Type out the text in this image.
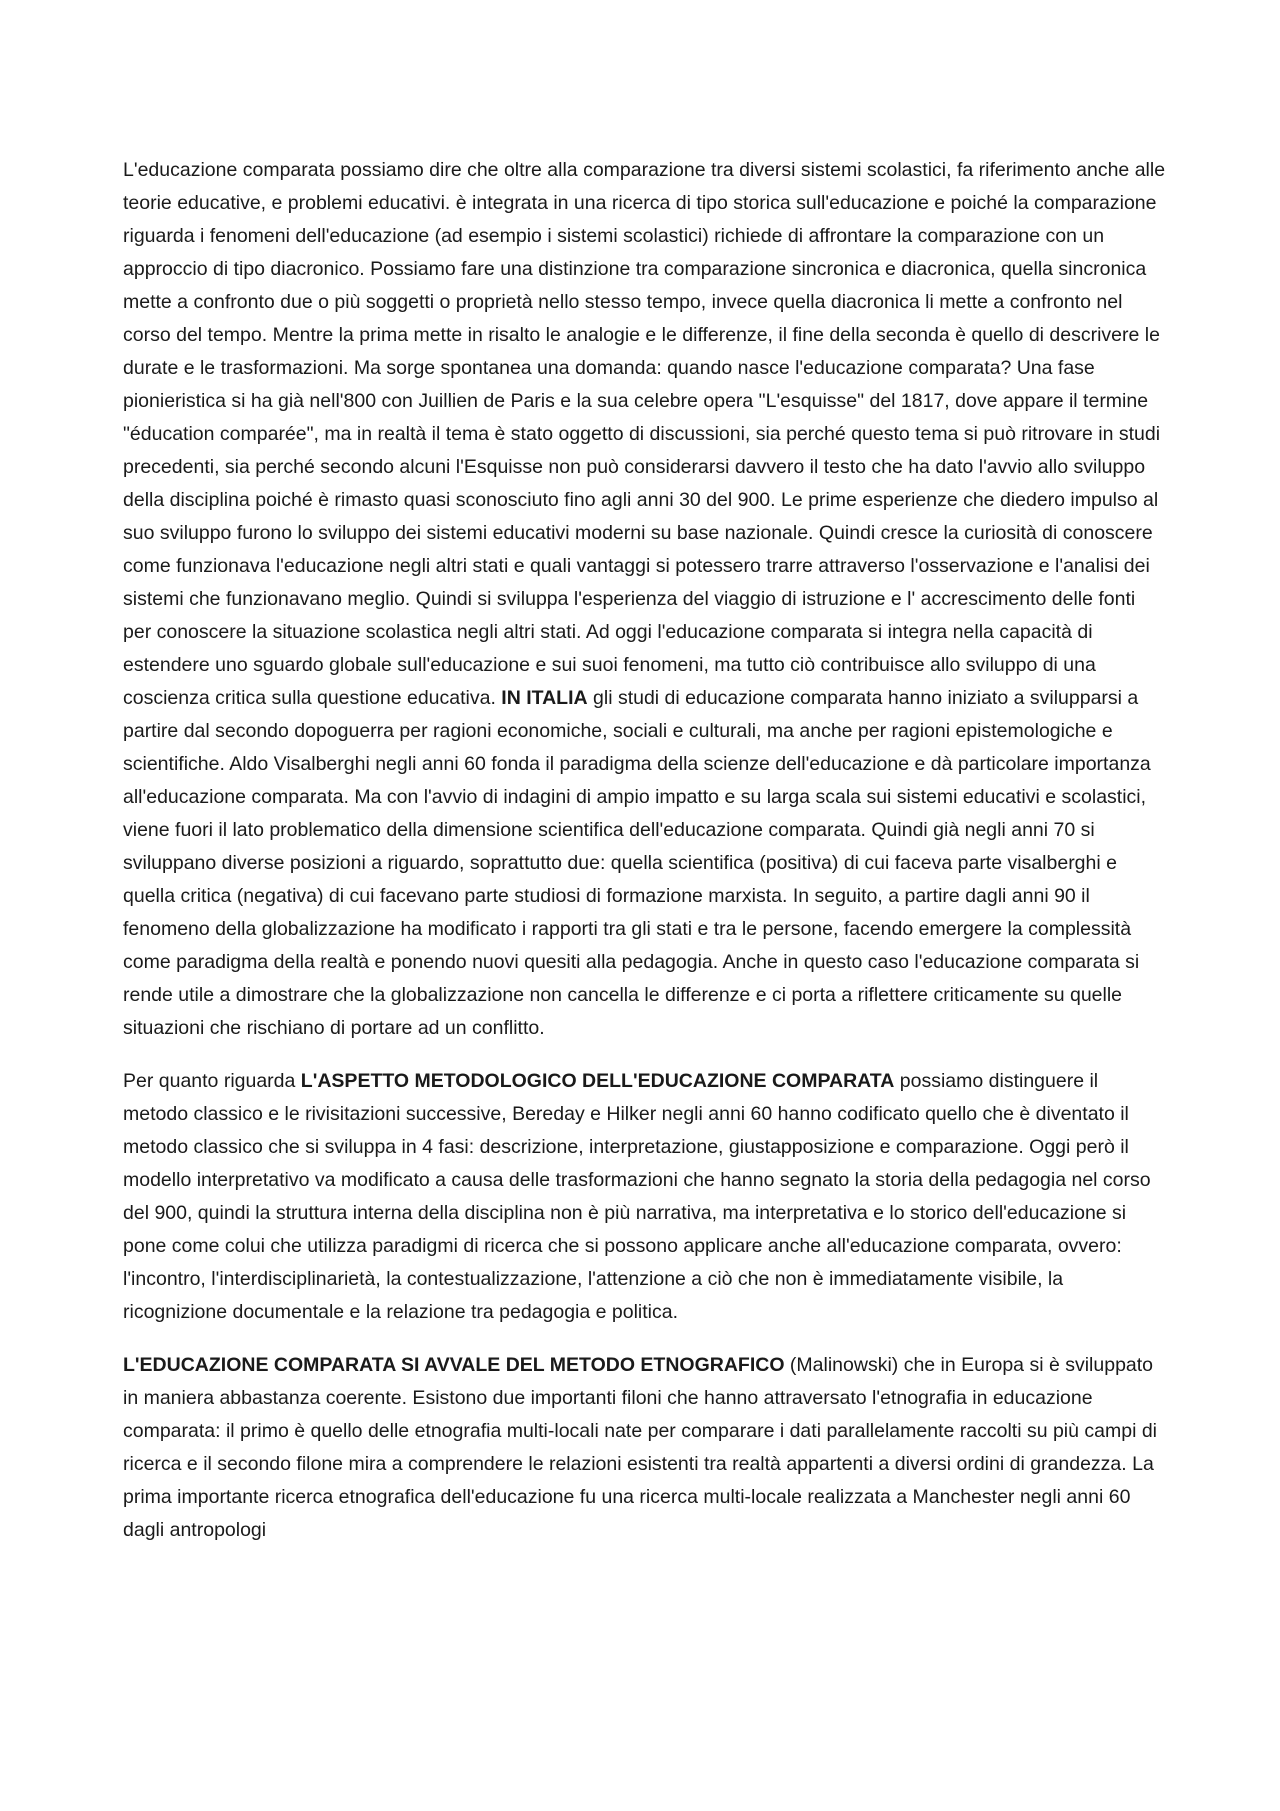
L'educazione comparata possiamo dire che oltre alla comparazione tra diversi sistemi scolastici, fa riferimento anche alle teorie educative, e problemi educativi. è integrata in una ricerca di tipo storica sull'educazione e poiché la comparazione riguarda i fenomeni dell'educazione (ad esempio i sistemi scolastici) richiede di affrontare la comparazione con un approccio di tipo diacronico. Possiamo fare una distinzione tra comparazione sincronica e diacronica, quella sincronica mette a confronto due o più soggetti o proprietà nello stesso tempo, invece quella diacronica li mette a confronto nel corso del tempo. Mentre la prima mette in risalto le analogie e le differenze, il fine della seconda è quello di descrivere le durate e le trasformazioni. Ma sorge spontanea una domanda: quando nasce l'educazione comparata? Una fase pionieristica si ha già nell'800 con Juillien de Paris e la sua celebre opera "L'esquisse" del 1817, dove appare il termine "éducation comparée", ma in realtà il tema è stato oggetto di discussioni, sia perché questo tema si può ritrovare in studi precedenti, sia perché secondo alcuni l'Esquisse non può considerarsi davvero il testo che ha dato l'avvio allo sviluppo della disciplina poiché è rimasto quasi sconosciuto fino agli anni 30 del 900. Le prime esperienze che diedero impulso al suo sviluppo furono lo sviluppo dei sistemi educativi moderni su base nazionale. Quindi cresce la curiosità di conoscere come funzionava l'educazione negli altri stati e quali vantaggi si potessero trarre attraverso l'osservazione e l'analisi dei sistemi che funzionavano meglio. Quindi si sviluppa l'esperienza del viaggio di istruzione e l' accrescimento delle fonti per conoscere la situazione scolastica negli altri stati. Ad oggi l'educazione comparata si integra nella capacità di estendere uno sguardo globale sull'educazione e sui suoi fenomeni, ma tutto ciò contribuisce allo sviluppo di una coscienza critica sulla questione educativa. IN ITALIA gli studi di educazione comparata hanno iniziato a svilupparsi a partire dal secondo dopoguerra per ragioni economiche, sociali e culturali, ma anche per ragioni epistemologiche e scientifiche. Aldo Visalberghi negli anni 60 fonda il paradigma della scienze dell'educazione e dà particolare importanza all'educazione comparata. Ma con l'avvio di indagini di ampio impatto e su larga scala sui sistemi educativi e scolastici, viene fuori il lato problematico della dimensione scientifica dell'educazione comparata. Quindi già negli anni 70 si sviluppano diverse posizioni a riguardo, soprattutto due: quella scientifica (positiva) di cui faceva parte visalberghi e quella critica (negativa) di cui facevano parte studiosi di formazione marxista. In seguito, a partire dagli anni 90 il fenomeno della globalizzazione ha modificato i rapporti tra gli stati e tra le persone, facendo emergere la complessità come paradigma della realtà e ponendo nuovi quesiti alla pedagogia. Anche in questo caso l'educazione comparata si rende utile a dimostrare che la globalizzazione non cancella le differenze e ci porta a riflettere criticamente su quelle situazioni che rischiano di portare ad un conflitto.

Per quanto riguarda L'ASPETTO METODOLOGICO DELL'EDUCAZIONE COMPARATA possiamo distinguere il metodo classico e le rivisitazioni successive, Bereday e Hilker negli anni 60 hanno codificato quello che è diventato il metodo classico che si sviluppa in 4 fasi: descrizione, interpretazione, giustapposizione e comparazione. Oggi però il modello interpretativo va modificato a causa delle trasformazioni che hanno segnato la storia della pedagogia nel corso del 900, quindi la struttura interna della disciplina non è più narrativa, ma interpretativa e lo storico dell'educazione si pone come colui che utilizza paradigmi di ricerca che si possono applicare anche all'educazione comparata, ovvero: l'incontro, l'interdisciplinarietà, la contestualizzazione, l'attenzione a ciò che non è immediatamente visibile, la ricognizione documentale e la relazione tra pedagogia e politica.

L'EDUCAZIONE COMPARATA SI AVVALE DEL METODO ETNOGRAFICO (Malinowski) che in Europa si è sviluppato in maniera abbastanza coerente. Esistono due importanti filoni che hanno attraversato l'etnografia in educazione comparata: il primo è quello delle etnografia multi-locali nate per comparare i dati parallelamente raccolti su più campi di ricerca e il secondo filone mira a comprendere le relazioni esistenti tra realtà appartenti a diversi ordini di grandezza. La prima importante ricerca etnografica dell'educazione fu una ricerca multi-locale realizzata a Manchester negli anni 60 dagli antropologi
